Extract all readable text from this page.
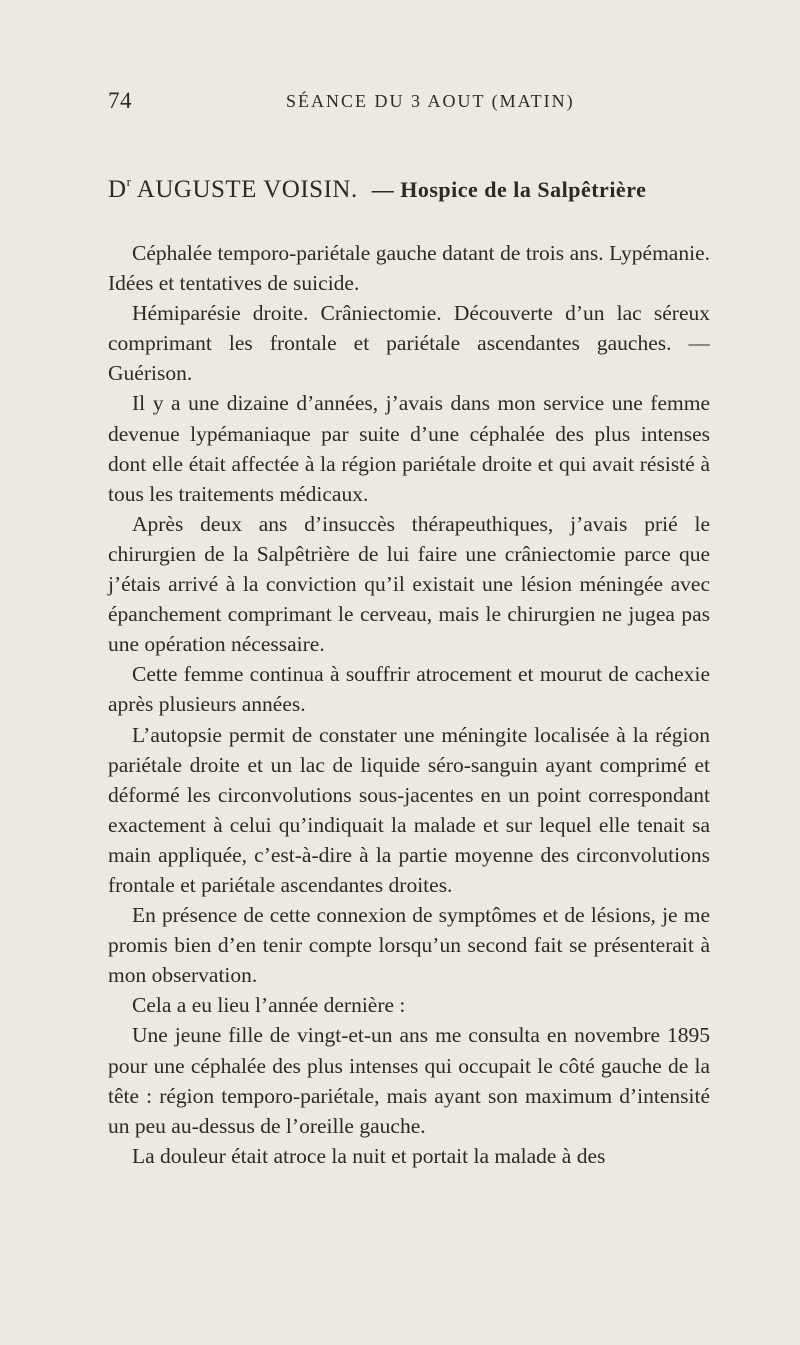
74	SÉANCE DU 3 AOUT (MATIN)
$D^r$ AUGUSTE VOISIN. — Hospice de la Salpêtrière

Céphalée temporo-pariétale gauche datant de trois ans. Lypémanie. Idées et tentatives de suicide.

Hémiparésie droite. Crâniectomie. Découverte d’un lac séreux comprimant les frontale et pariétale ascendantes gauches. — Guérison.

Il y a une dizaine d’années, j’avais dans mon service une femme devenue lypémaniaque par suite d’une céphalée des plus intenses dont elle était affectée à la région pariétale droite et qui avait résisté à tous les traitements médicaux.

Après deux ans d’insuccès thérapeuthiques, j’avais prié le chirurgien de la Salpêtrière de lui faire une crâniectomie parce que j’étais arrivé à la conviction qu’il existait une lésion méningée avec épanchement comprimant le cerveau, mais le chirurgien ne jugea pas une opération nécessaire.

Cette femme continua à souffrir atrocement et mourut de cachexie après plusieurs années.

L’autopsie permit de constater une méningite localisée à la région pariétale droite et un lac de liquide séro-sanguin ayant comprimé et déformé les circonvolutions sous-jacentes en un point correspondant exactement à celui qu’indiquait la malade et sur lequel elle tenait sa main appliquée, c’est-à-dire à la partie moyenne des circonvolutions frontale et pariétale ascendantes droites.

En présence de cette connexion de symptômes et de lésions, je me promis bien d’en tenir compte lorsqu’un second fait se présenterait à mon observation.

Cela a eu lieu l’année dernière :

Une jeune fille de vingt-et-un ans me consulta en novembre 1895 pour une céphalée des plus intenses qui occupait le côté gauche de la tête : région temporo-pariétale, mais ayant son maximum d’intensité un peu au-dessus de l’oreille gauche.

La douleur était atroce la nuit et portait la malade à des
